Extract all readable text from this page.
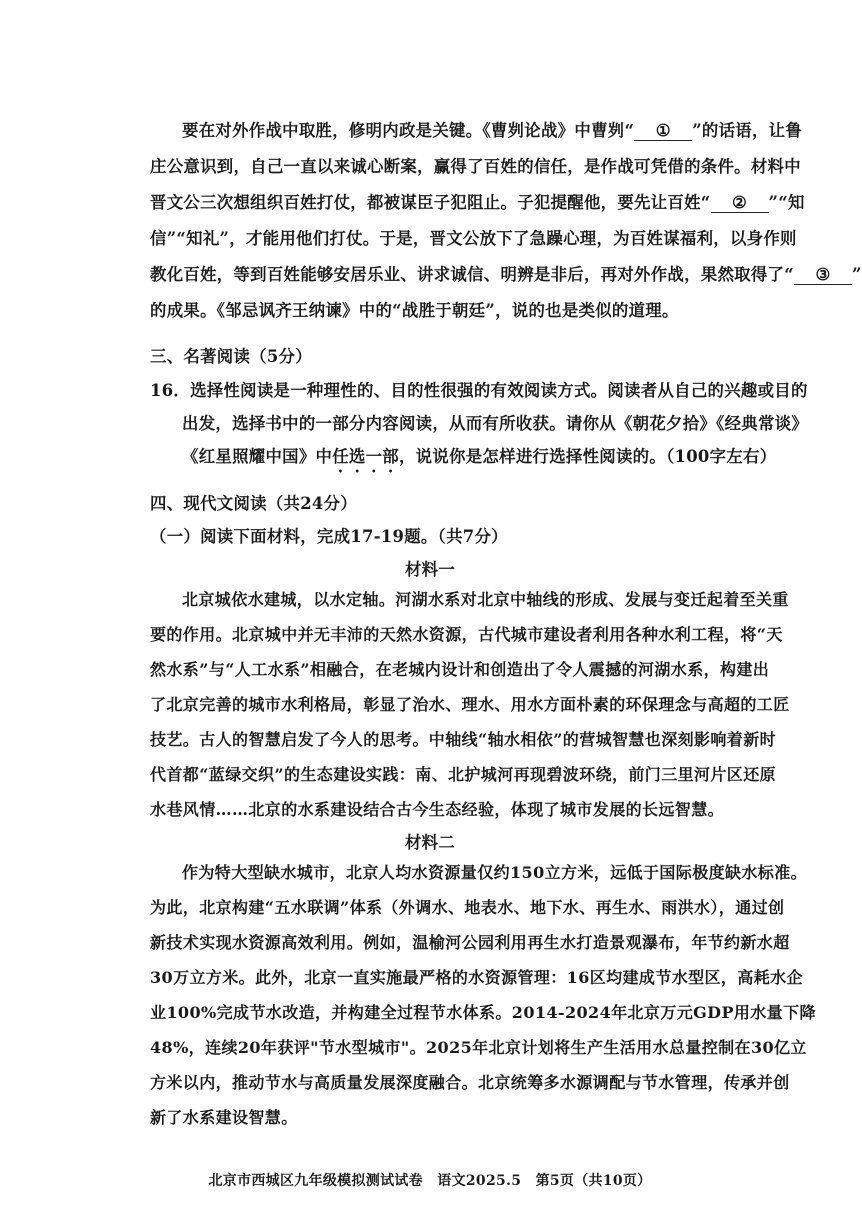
要在对外作战中取胜，修明内政是关键。《曹刿论战》中曹刿“ ① ”的话语，让鲁
庄公意识到，自己一直以来诚心断案，赢得了百姓的信任，是作战可凭借的条件。材料中
晋文公三次想组织百姓打仗，都被谋臣子犯阻止。子犯提醒他，要先让百姓“ ② ”“知
信”“知礼”，才能用他们打仗。于是，晋文公放下了急躁心理，为百姓谋福利，以身作则
教化百姓，等到百姓能够安居乐业、讲求诚信、明辨是非后，再对外作战，果然取得了“ ③ ”
的成果。《邹忌讽齐王纳谏》中的“战胜于朝廷”，说的也是类似的道理。
三、名著阅读（5分）
16．选择性阅读是一种理性的、目的性很强的有效阅读方式。阅读者从自己的兴趣或目的
出发，选择书中的一部分内容阅读，从而有所收获。请你从《朝花夕拾》《经典常谈》
《红星照耀中国》中任选一部，说说你是怎样进行选择性阅读的。（100字左右）
四、现代文阅读（共24分）
（一）阅读下面材料，完成17-19题。（共7分）
材料一
北京城依水建城，以水定轴。河湖水系对北京中轴线的形成、发展与变迁起着至关重
要的作用。北京城中并无丰沛的天然水资源，古代城市建设者利用各种水利工程，将“天
然水系”与“人工水系”相融合，在老城内设计和创造出了令人震撼的河湖水系，构建出
了北京完善的城市水利格局，彰显了治水、理水、用水方面朴素的环保理念与高超的工匠
技艺。古人的智慧启发了今人的思考。中轴线“轴水相依”的营城智慧也深刻影响着新时
代首都“蓝绿交织”的生态建设实践：南、北护城河再现碧波环绕，前门三里河片区还原
水巷风情……北京的水系建设结合古今生态经验，体现了城市发展的长远智慧。
材料二
作为特大型缺水城市，北京人均水资源量仅约150立方米，远低于国际极度缺水标准。
为此，北京构建“五水联调”体系（外调水、地表水、地下水、再生水、雨洪水），通过创
新技术实现水资源高效利用。例如，温榆河公园利用再生水打造景观瀑布，年节约新水超
30万立方米。此外，北京一直实施最严格的水资源管理：16区均建成节水型区，高耗水企
业100%完成节水改造，并构建全过程节水体系。2014-2024年北京万元GDP用水量下降
48%，连续20年获评"节水型城市"。2025年北京计划将生产生活用水总量控制在30亿立
方米以内，推动节水与高质量发展深度融合。北京统筹多水源调配与节水管理，传承并创
新了水系建设智慧。
北京市西城区九年级模拟测试试卷　语文2025.5　第5页（共10页）
